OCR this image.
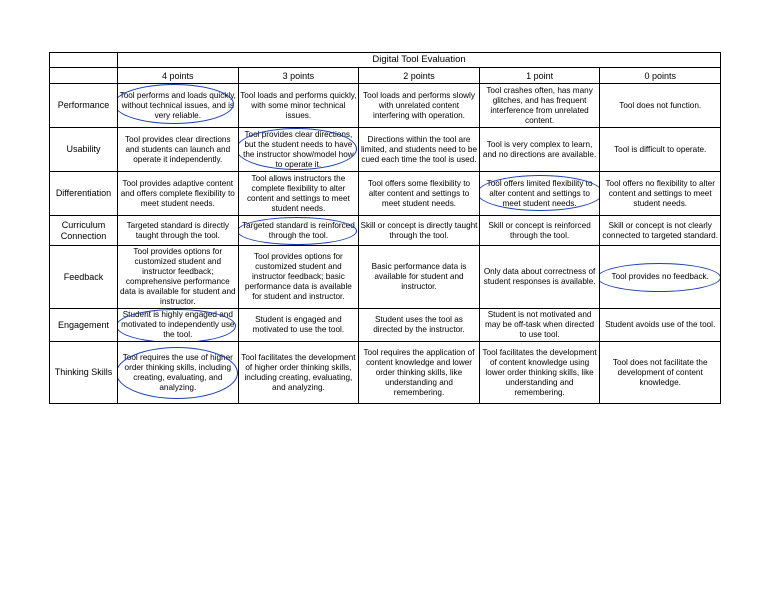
	Digital Tool Evaluation				
	4 points	3 points	2 points	1 point	0 points
Performance	Tool performs and loads quickly, without technical issues, and is very reliable.	Tool loads and performs quickly, with some minor technical issues.	Tool loads and performs slowly with unrelated content interfering with operation.	Tool crashes often, has many glitches, and has frequent interference from unrelated content.	Tool does not function.
Usability	Tool provides clear directions and students can launch and operate it independently.	Tool provides clear directions, but the student needs to have the instructor show/model how to operate it.	Directions within the tool are limited, and students need to be cued each time the tool is used.	Tool is very complex to learn, and no directions are available.	Tool is difficult to operate.
Differentiation	Tool provides adaptive content and offers complete flexibility to meet student needs.	Tool allows instructors the complete flexibility to alter content and settings to meet student needs.	Tool offers some flexibility to alter content and settings to meet student needs.	Tool offers limited flexibility to alter content and settings to meet student needs.	Tool offers no flexibility to alter content and settings to meet student needs.
Curriculum Connection	Targeted standard is directly taught through the tool.	Targeted standard is reinforced through the tool.	Skill or concept is directly taught through the tool.	Skill or concept is reinforced through the tool.	Skill or concept is not clearly connected to targeted standard.
Feedback	Tool provides options for customized student and instructor feedback; comprehensive performance data is available for student and instructor.	Tool provides options for customized student and instructor feedback; basic performance data is available for student and instructor.	Basic performance data is available for student and instructor.	Only data about correctness of student responses is available.	Tool provides no feedback.

Engagement	Student is highly engaged and motivated to independently use the tool.	Student is engaged and motivated to use the tool.	Student uses the tool as directed by the instructor.	Student is not motivated and may be off-task when directed to use tool.	Student avoids use of the tool.
Thinking Skills	Tool requires the use of higher order thinking skills, including creating, evaluating, and analyzing.	Tool facilitates the development of higher order thinking skills, including creating, evaluating, and analyzing.	Tool requires the application of content knowledge and lower order thinking skills, like understanding and remembering.	Tool facilitates the development of content knowledge using lower order thinking skills, like understanding and remembering.	Tool does not facilitate the development of content knowledge.
